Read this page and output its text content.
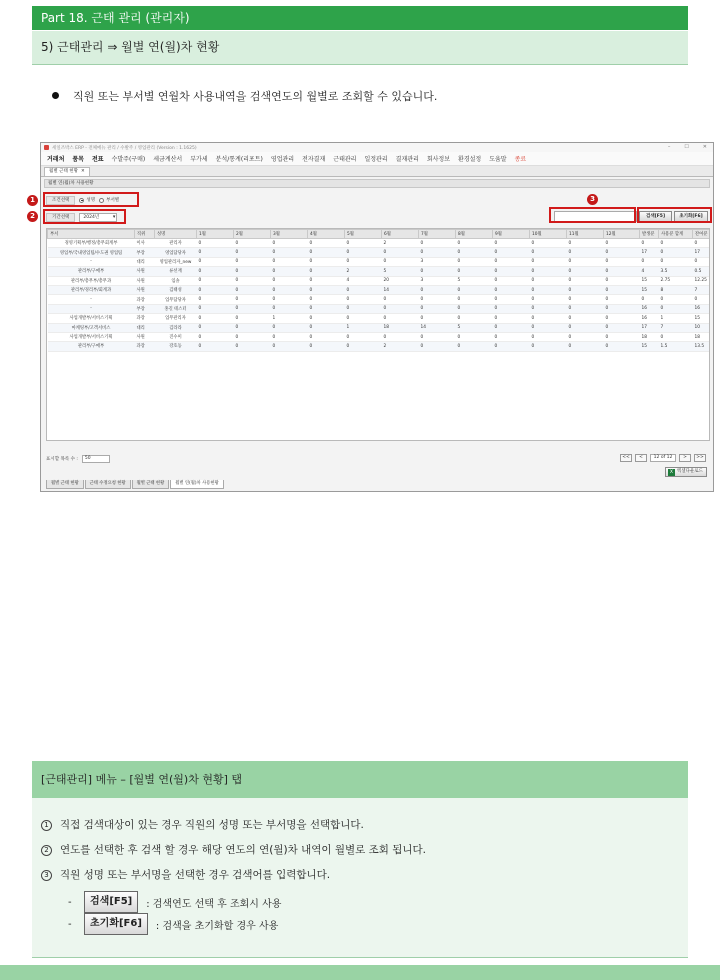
Part 18. 근태 관리 (관리자)
5) 근태관리 ⇒ 월별 연(월)차 현황
직원 또는 부서별 연월차 사용내역을 검색연도의 월별로 조회할 수 있습니다.
세일즈박스 ERP - 전체메뉴 관리 / 수발주 / 영업관리 (Version : 1.1625)	–	☐	✕
거래처 품목 전표 수발주(구매) 세금계산서 부가세 분석/통계(리포트) 영업관리 전자결재 근태관리 일정관리 결재관리 회사정보 환경설정 도움말 종료
월별 근태 현황 ✕
월별 연(월)차 사용현황
조건선택	성명 부서별
기간선택	2024년 ▾	검색[F5]	초기화[F6]
부서	직위	성명	1월	2월	3월	4월	5월	6월	7월	8월	9월	10월	11월	12월	발생분	사용분 합계	잔여분
경영기획부/행정/총무회계부	이사	관리자	0	0	0	0	0	2	0	0	0	0	0	0	0	0	0
영업부/국내영업팀/수도권 영업팀	부장	영업담당자	0	0	0	0	0	0	0	0	0	0	0	0	17	0	17
-	대리	영업관리자_new	0	0	0	0	0	0	3	0	0	0	0	0	0	0	0
관리부/구매부	사원	류선재	0	0	0	0	2	5	0	0	0	0	0	0	4	3.5	0.5
관리부/총무부/총무과	사원	임솔	0	0	0	0	4	20	3	5	0	0	0	0	15	2.75	12.25
관리부/경리부/회계과	사원	김태성	0	0	0	0	0	14	0	0	0	0	0	0	15	8	7
-	과장	업무담당자	0	0	0	0	0	0	0	0	0	0	0	0	0	0	0
-	부장	홍길 테스터	0	0	0	0	0	0	0	0	0	0	0	0	16	0	16
사업개발부/서비스기획	과장	업무관리자	0	0	1	0	0	0	0	0	0	0	0	0	16	1	15
마케팅부/고객서비스	대리	김라라	0	0	0	0	1	18	14	5	0	0	0	0	17	7	10
사업개발부/서비스기획	사원	진수미	0	0	0	0	0	0	0	0	0	0	0	0	18	0	18
관리부/구매부	과장	강호동	0	0	0	0	0	2	0	0	0	0	0	0	15	1.5	13.5
표시할 목록 수 :	50	<<	<	12 of 12	>	>>
X 엑셀다운로드
월별 근태 현황	근태 수정요청 현황	월별 근태 현황	월별 연(월)차 사용현황
1
2
3
[근태관리] 메뉴 – [월별 연(월)차 현황] 탭
1 직접 검색대상이 있는 경우 직원의 성명 또는 부서명을 선택합니다.
2 연도를 선택한 후 검색 할 경우 해당 연도의 연(월)차 내역이 월별로 조회 됩니다.
3 직원 성명 또는 부서명을 선택한 경우 검색어를 입력합니다.
-	검색[F5]	: 검색연도 선택 후 조회시 사용
-	초기화[F6]	: 검색을 초기화할 경우 사용
